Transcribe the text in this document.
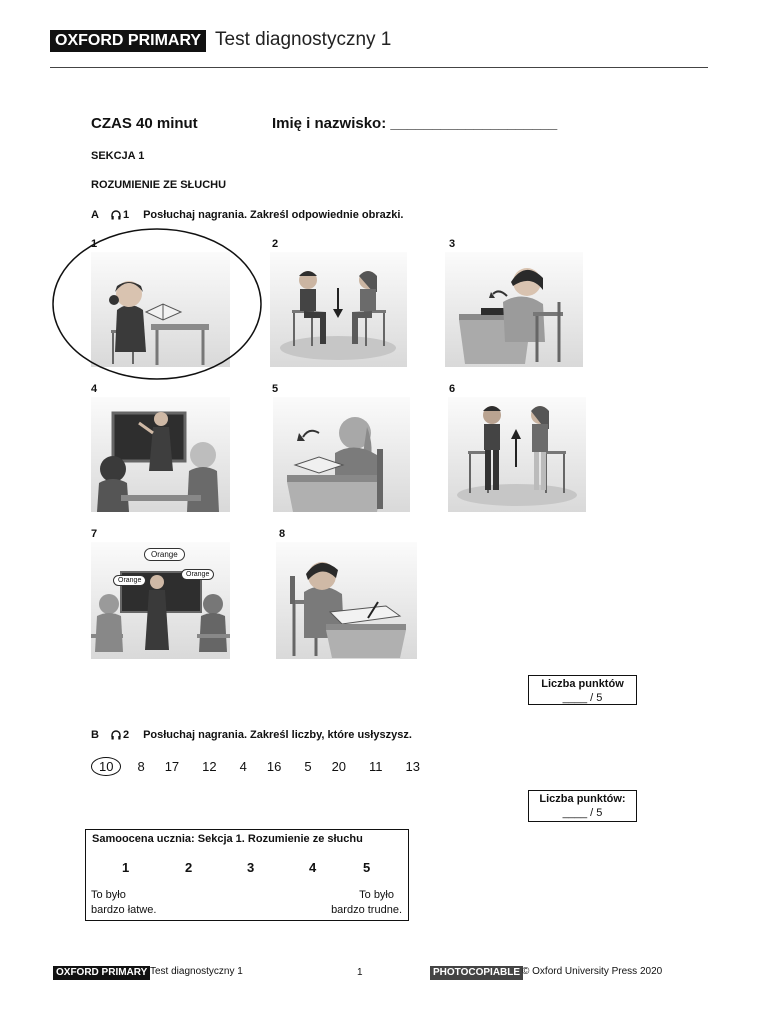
OXFORD PRIMARY Test diagnostyczny 1
CZAS 40 minut	Imię i nazwisko: ____________________
SEKCJA 1
ROZUMIENIE ZE SŁUCHU
A 1 Posłuchaj nagrania. Zakreśl odpowiednie obrazki.
1	2	3
4	5	6
7	8
Orange
Orange
Orange
Liczba punktów
____ / 5
B 2 Posłuchaj nagrania. Zakreśl liczby, które usłyszysz.
10	8 17 12 4 16 5 20 11 13
Liczba punktów:
____ / 5
Samoocena ucznia: Sekcja 1. Rozumienie ze słuchu
1	2	3	4	5
To było
bardzo łatwe.
To było
bardzo trudne.
OXFORD PRIMARY Test diagnostyczny 1	1	PHOTOCOPIABLE © Oxford University Press 2020
